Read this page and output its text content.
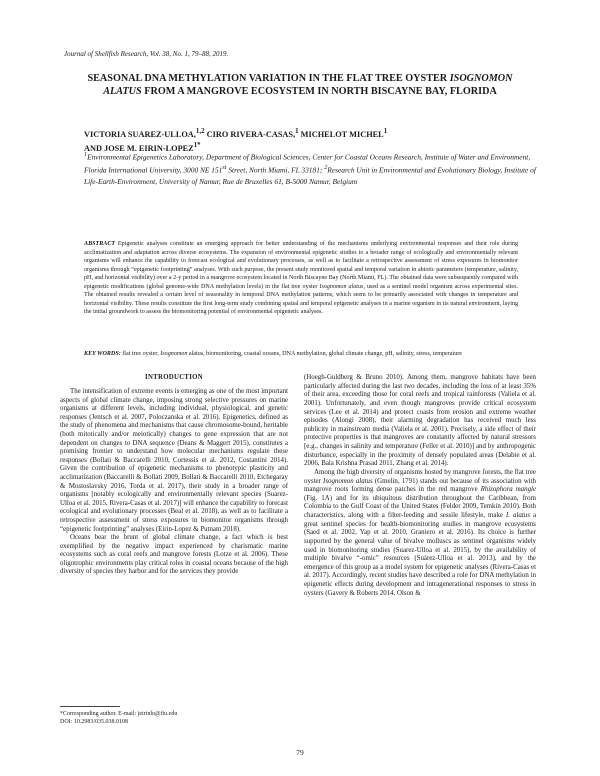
Journal of Shellfish Research, Vol. 38, No. 1, 79–88, 2019.
SEASONAL DNA METHYLATION VARIATION IN THE FLAT TREE OYSTER ISOGNOMON
ALATUS FROM A MANGROVE ECOSYSTEM IN NORTH BISCAYNE BAY, FLORIDA
VICTORIA SUAREZ-ULLOA,$^{1,2}$ CIRO RIVERA-CASAS,$^1$ MICHELOT MICHEL$^1$
AND JOSE M. EIRIN-$LOPEZ^{1*}$
$^1$Environmental Epigenetics Laboratory, Department of Biological Sciences, Center for Coastal Oceans Research, Institute of Water and Environment, Florida International University, 3000 NE 151st Street, North Miami, FL 33181; $^2$Research Unit in Environmental and Evolutionary Biology, Institute of Life-Earth-Environment, University of Namur, Rue de Bruxelles 61, B-5000 Namur, Belgium
ABSTRACT Epigenetic analyses constitute an emerging approach for better understanding of the mechanisms underlying environmental responses and their role during acclimatization and adaptation across diverse ecosystems. The expansion of environmental epigenetic studies to a broader range of ecologically and environmentally relevant organisms will enhance the capability to forecast ecological and evolutionary processes, as well as to facilitate a retrospective assessment of stress exposures in biomonitor organisms through “epigenetic footprinting” analyses. With such purpose, the present study monitored spatial and temporal variation in abiotic parameters (temperature, salinity, pH, and horizontal visibility) over a 2-y period in a mangrove ecosystem located in North Biscayne Bay (North Miami, FL). The obtained data were subsequently compared with epigenetic modifications (global genome-wide DNA methylation levels) in the flat tree oyster Isognomon alatus, used as a sentinel model organism across experimental sites. The obtained results revealed a certain level of seasonality in temporal DNA methylation patterns, which seem to be primarily associated with changes in temperature and horizontal visibility. These results constitute the first long-term study combining spatial and temporal epigenetic analyses in a marine organism in its natural environment, laying the initial groundwork to assess the biomonitoring potential of environmental epigenetic analyses.
KEY WORDS: flat tree oyster, Isognomon alatus, biomonitoring, coastal oceans, DNA methylation, global climate change, pH, salinity, stress, temperature
INTRODUCTION

The intensification of extreme events is emerging as one of the most important aspects of global climate change, imposing strong selective pressures on marine organisms at different levels, including individual, physiological, and genetic responses (Jentsch et al. 2007, Poloczanska et al. 2016). Epigenetics, defined as the study of phenomena and mechanisms that cause chromosome-bound, heritable (both mitotically and/or meiotically) changes to gene expression that are not dependent on changes to DNA sequence (Deans & Maggert 2015), constitutes a promising frontier to understand how molecular mechanisms regulate these responses (Bollati & Baccarelli 2010, Cortessis et al. 2012, Costantini 2014). Given the contribution of epigenetic mechanisms to phenotypic plasticity and acclimatization (Baccarelli & Bollati 2009, Bollati & Baccarelli 2010, Etchegaray & Mostoslavsky 2016, Torda et al. 2017), their study in a broader range of organisms [notably ecologically and environmentally relevant species (Suarez-Ulloa et al. 2015, Rivera-Casas et al. 2017)] will enhance the capability to forecast ecological and evolutionary processes (Beal et al. 2018), as well as to facilitate a retrospective assessment of stress exposures in biomonitor organisms through “epigenetic footprinting” analyses (Eirin-Lopez & Putnam 2018).

Oceans bear the brunt of global climate change, a fact which is best exemplified by the negative impact experienced by charismatic marine ecosystems such as coral reefs and mangrove forests (Lotze et al. 2006). These oligotrophic environments play critical roles in coastal oceans because of the high diversity of species they harbor and for the services they provide

(Hoegh-Guldberg & Bruno 2010). Among them, mangrove habitats have been particularly affected during the last two decades, including the loss of at least 35% of their area, exceeding those for coral reefs and tropical rainforests (Valiela et al. 2001). Unfortunately, and even though mangroves provide critical ecosystem services (Lee et al. 2014) and protect coasts from erosion and extreme weather episodes (Alongi 2008), their alarming degradation has received much less publicity in mainstream media (Valiela et al. 2001). Precisely, a side effect of their protective properties is that mangroves are constantly affected by natural stressors [e.g., changes in salinity and temperature (Feller et al. 2010)] and by anthropogenic disturbance, especially in the proximity of densely populated areas (Delabie et al. 2006, Bala Krishna Prasad 2011, Zhang et al. 2014).

Among the high diversity of organisms hosted by mangrove forests, the flat tree oyster Isognomon alatus (Gmelin, 1791) stands out because of its association with mangrove roots forming dense patches in the red mangrove Rhizophora mangle (Fig. 1A) and for its ubiquitous distribution throughout the Caribbean, from Colombia to the Gulf Coast of the United States (Felder 2009, Temkin 2010). Both characteristics, along with a filter-feeding and sessile lifestyle, make I. alatus a great sentinel species for health-biomonitoring studies in mangrove ecosystems (Saed et al. 2002, Yap et al. 2010, Graniero et al. 2016). Its choice is further supported by the general value of bivalve molluscs as sentinel organisms widely used in biomonitoring studies (Suarez-Ulloa et al. 2015), by the availability of multiple bivalve “-omic” resources (Suárez-Ulloa et al. 2013), and by the emergence of this group as a model system for epigenetic analyses (Rivera-Casas et al. 2017). Accordingly, recent studies have described a role for DNA methylation in epigenetic effects during development and intragenerational responses to stress in oysters (Gavery & Roberts 2014, Olson &

*Corresponding author. E-mail: jeirinlo@fiu.edu
DOI: 10.2983/035.038.0108
79
